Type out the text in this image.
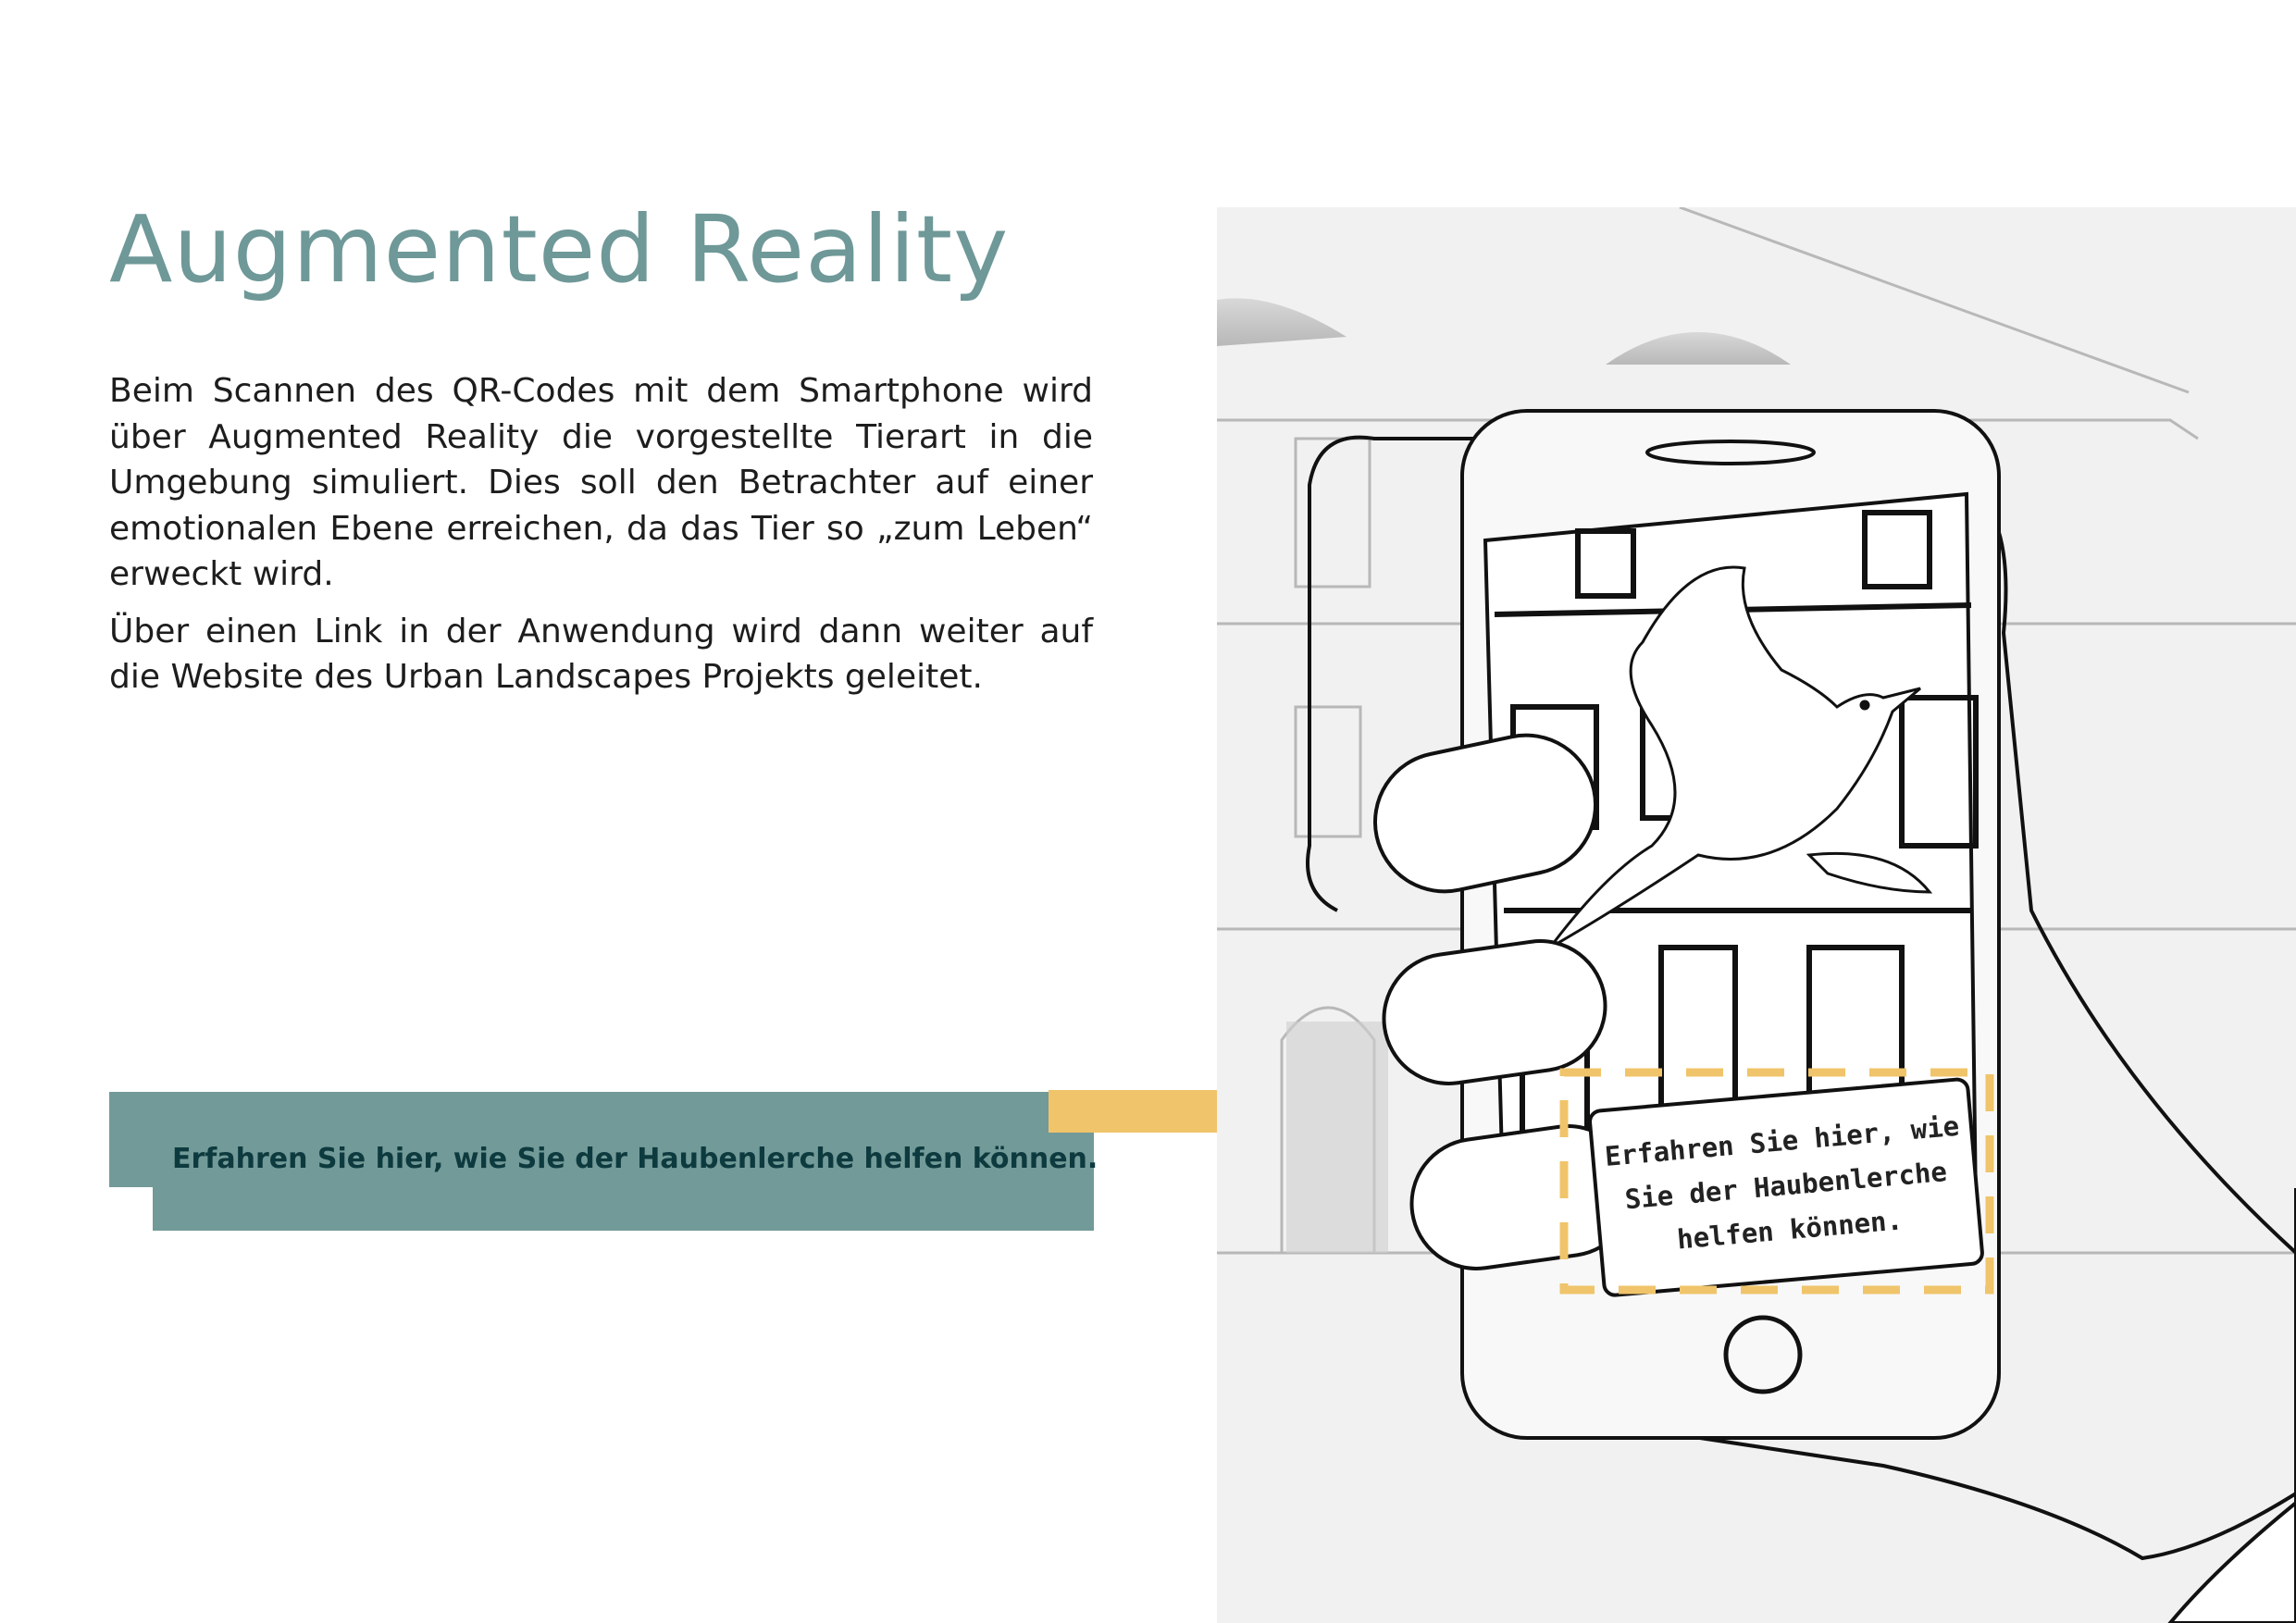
Augmented Reality

Beim Scannen des QR-Codes mit dem Smartphone wird über Augmented Reality die vorgestellte Tierart in die Umgebung simuliert. Dies soll den Betrachter auf einer emotionalen Ebene erreichen, da das Tier so „zum Leben“ erweckt wird.

Über einen Link in der Anwendung wird dann weiter auf die Website des Urban Landscapes Projekts geleitet.

Erfahren Sie hier, wie Sie der Haubenlerche helfen können.	Erfahren Sie hier, wie
Sie der Haubenlerche
helfen können.
